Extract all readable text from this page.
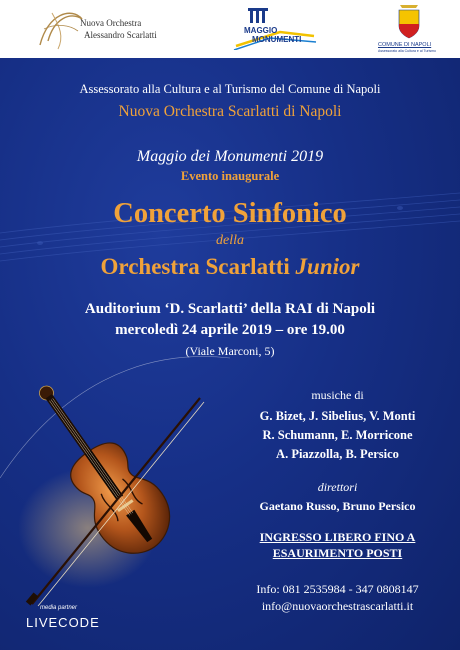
Nuova Orchestra
Alessandro Scarlatti	MAGGIO
MONUMENTI
COMUNE DI NAPOLI
Assessorato alla Cultura e al Turismo
Assessorato alla Cultura e al Turismo del Comune di Napoli
Nuova Orchestra Scarlatti di Napoli
Maggio dei Monumenti 2019
Evento inaugurale
Concerto Sinfonico
della
Orchestra Scarlatti Junior
Auditorium ‘D. Scarlatti’ della RAI di Napoli
mercoledì 24 aprile 2019 – ore 19.00
(Viale Marconi, 5)
musiche di
G. Bizet, J. Sibelius, V. Monti
R. Schumann, E. Morricone
A. Piazzolla, B. Persico
direttori
Gaetano Russo, Bruno Persico
INGRESSO LIBERO FINO A
ESAURIMENTO POSTI
Info: 081 2535984 - 347 0808147
info@nuovaorchestrascarlatti.it
media partner
LIVECODE
